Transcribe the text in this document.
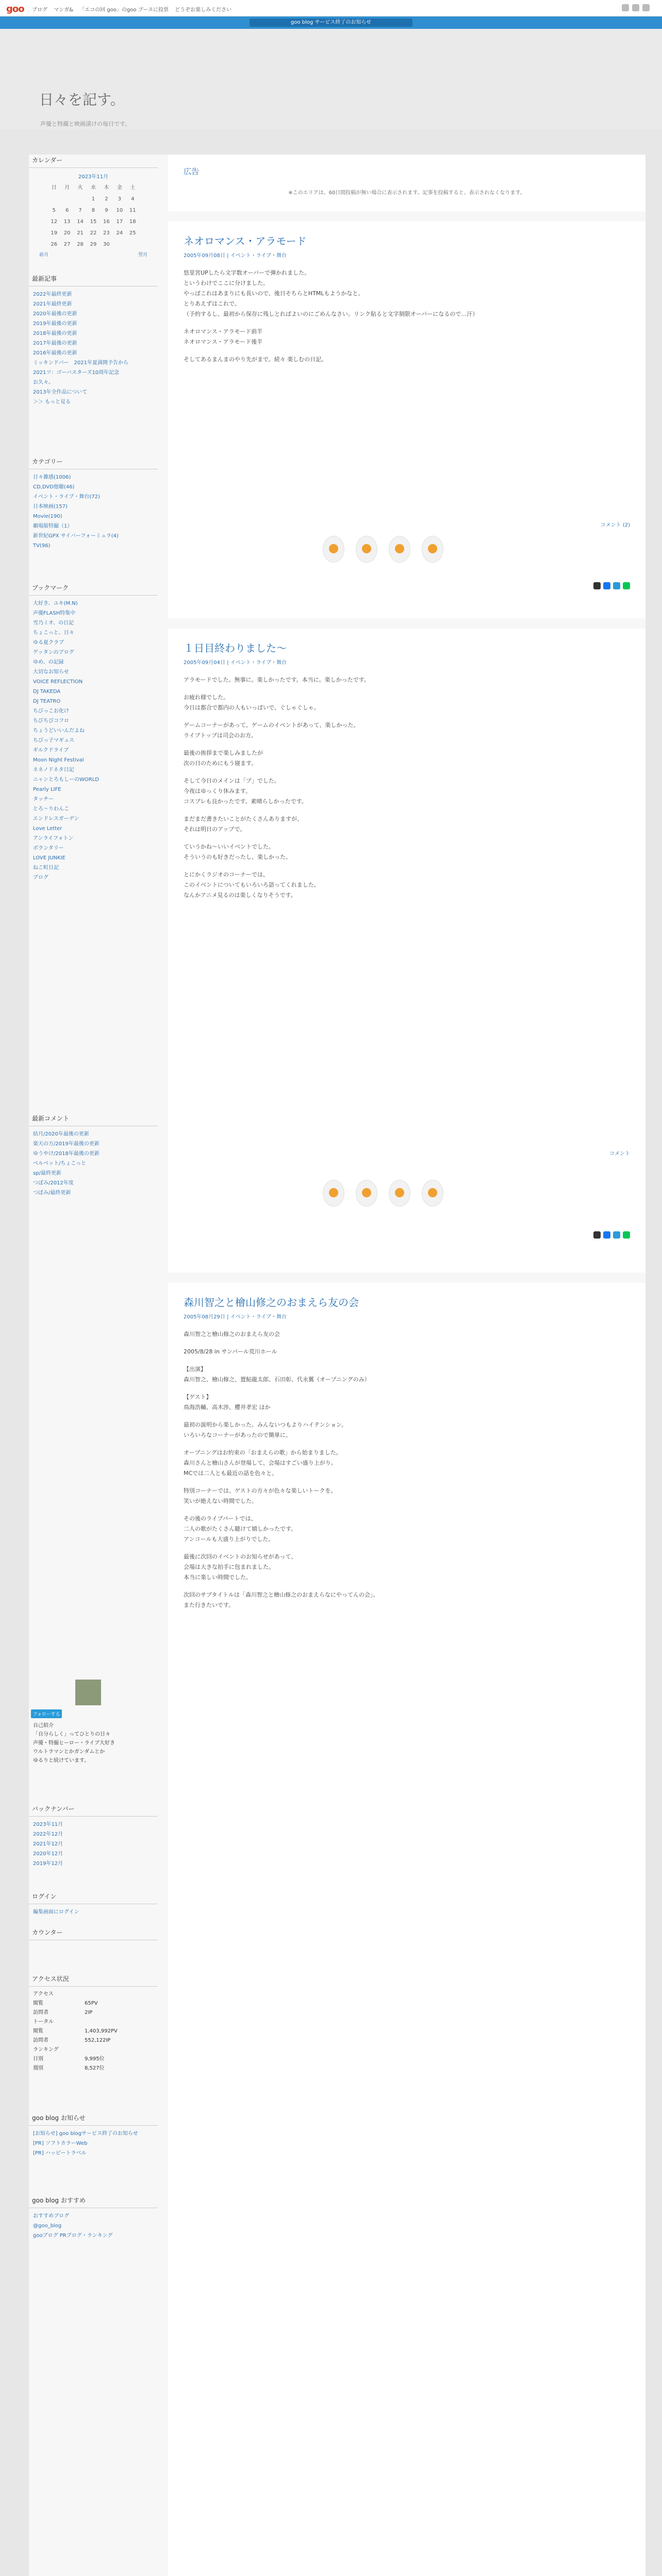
goo ブログ マンガ& 「エコの回 goo」のgoo ブースに投票 どうぞお楽しみください
goo blog サービス終了のお知らせ
日々を記す。
声優と特撮と映画漬けの毎日です。
カレンダー
2023年11月
日	月	火	水	木	金	土
			1	2	3	4
5	6	7	8	9	10	11
12	13	14	15	16	17	18
19	20	21	22	23	24	25
26	27	28	29	30		
前月	翌月
最新記事
2022年最終更新
2021年最終更新
2020年最後の更新
2019年最後の更新
2018年最後の更新
2017年最後の更新
2016年最後の更新
ミッキンドバー　2021年夏満開予告から
2021ツ：ゴーバスターズ10周年記念
お久々。
2013年全作品について
＞＞ もっと見る
カテゴリー
日々雑感(1006)
CD,DVD他聴(46)
イベント・ライブ・舞台(72)
日本映画(157)
Movie(190)
劇場版特撮（1）
新世紀GPX サイバーフォーミュラ(4)
TV(96)
ブックマーク
大好き、ユキ(M.N)
声優FLASH特集中
雪乃ミオ、の日記
ちょこっと、日々
ゆる夏クラブ
ゲッタンのブログ
ゆめ、の記録
大切なお知らせ
VOICE REFLECTION
DJ TAKEDA
DJ TEATRO
ちびっこお化け
ちびちびコフロ
ちょうどいいんだよね
ちびっ子マギュス
ギルクドライブ
Moon Night Festival
ネネノドネタ日記
ニャンとろもしーのWORLD
Pearly LIFE
タッチー
とろ～りわんこ
エンドレスガーデン
Love Letter
アンライフォトン
ボランタリー
LOVE JUNKIE
ねこ町日記
ブログ
最新コメント
結月/2020年最後の更新
楽天の方/2019年最後の更新
ゆうやけ/2018年最後の更新
ベルベット/ちょこっと
sp/最終更新
つぼみ/2012年度
つぼみ/最終更新
フォローする
自己紹介
「自分らしく」ってひとりの日々
声優・特撮ヒーロー・ライブ大好き
ウルトラマンとかガンダムとか
ゆるりと続けています。
バックナンバー
2023年11月
2022年12月
2021年12月
2020年12月
2019年12月
ログイン
編集画面にログイン
カウンター
アクセス状況
アクセス
閲覧	65PV
訪問者	2IP
トータル
閲覧	1,403,992PV
訪問者	552,122IP
ランキング
日別	9,995位
週別	8,527位
goo blog お知らせ
[お知らせ] goo blogサービス終了のお知らせ
[PR] ソフトカラーWeb
[PR] ハッピートラベル
goo blog おすすめ
おすすめブログ
@goo_blog
gooブログ PRブログ・ランキング
広告
※このエリアは、60日間投稿が無い場合に表示されます。記事を投稿すると、表示されなくなります。
ネオロマンス・アラモード
2005年09月08日 | イベント・ライブ・舞台

悠里宮UPしたら文字数オーバーで弾かれました。
というわけでここに分けました。
やっぱこれはあまりにも長いので、後日そちらとHTMLもようかなと。
とりあえずはこれで。
（予約するし、最初から保存に残しとればよいのにごめんなさい。リンク貼ると文字制限オーバーになるので…汗）

ネオロマンス・アラモード前半
ネオロマンス・アラモード後半

そしてあるまんまのやり先がまで。続々 楽しむの日記。

コメント (2)
１日目終わりました～
2005年09月04日 | イベント・ライブ・舞台

アラモードでした。無事に。楽しかったです。本当に。楽しかったです。

お疲れ様でした。
今日は都合で都内の人もいっぱいで、ぐしゃぐしゃ。

ゲームコーナーがあって、ゲームのイベントがあって、楽しかった。
ライブトップは司会のお方。

最後の挨拶まで楽しみましたが
次の日のためにもう寝ます。

そして今日のメインは「プ」でした。
今夜はゆっくり休みます。
コスプレも良かったです。素晴らしかったです。

まだまだ書きたいことがたくさんありますが、
それは明日のアップで。

ていうかね～いいイベントでした。
そういうのも好きだったし、楽しかった。

とにかくラジオのコーナーでは、
このイベントについてもいろいろ語ってくれました。
なんかアニメ見るのは楽しくなりそうです。

コメント
森川智之と檜山修之のおまえら友の会
2005年08月29日 | イベント・ライブ・舞台

森川智之と檜山修之のおまえら友の会

2005/8/28 in サンパール荒川ホール

【出演】
森川智之、檜山修之、置鮎龍太郎、石田彰、代永翼（オープニングのみ）

【ゲスト】
鳥海浩輔、高木渉、櫻井孝宏 ほか

最初の説明から楽しかった。みんないつもよりハイテンション。
いろいろなコーナーがあったので簡単に。

オープニングはお約束の「おまえらの歌」から始まりました。
森川さんと檜山さんが登場して、会場はすごい盛り上がり。
MCでは二人とも最近の話を色々と。

特別コーナーでは、ゲストの方々が色々な楽しいトークを。
笑いが絶えない時間でした。

その後のライブパートでは、
二人の歌がたくさん聴けて嬉しかったです。
アンコールも大盛り上がりでした。

最後に次回のイベントのお知らせがあって、
会場は大きな拍手に包まれました。
本当に楽しい時間でした。

次回のサブタイトルは「森川智之と檜山修之のおまえらなにやってんの会」。
また行きたいです。
